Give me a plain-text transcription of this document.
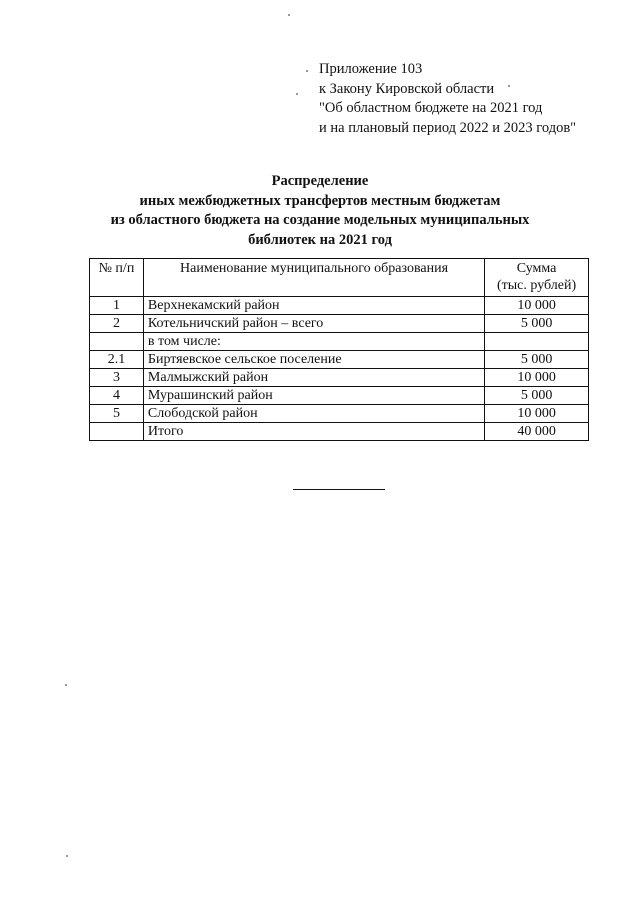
Приложение 103
к Закону Кировской области
"Об областном бюджете на 2021 год
и на плановый период 2022 и 2023 годов"
Распределение
иных межбюджетных трансфертов местным бюджетам
из областного бюджета на создание модельных муниципальных
библиотек на 2021 год
№ п/п	Наименование муниципального образования	Сумма
(тыс. рублей)

1	Верхнекамский район	10 000
2	Котельничский район – всего	5 000
	в том числе:	
2.1	Биртяевское сельское поселение	5 000
3	Малмыжский район	10 000
4	Мурашинский район	5 000
5	Слободской район	10 000
	Итого	40 000
